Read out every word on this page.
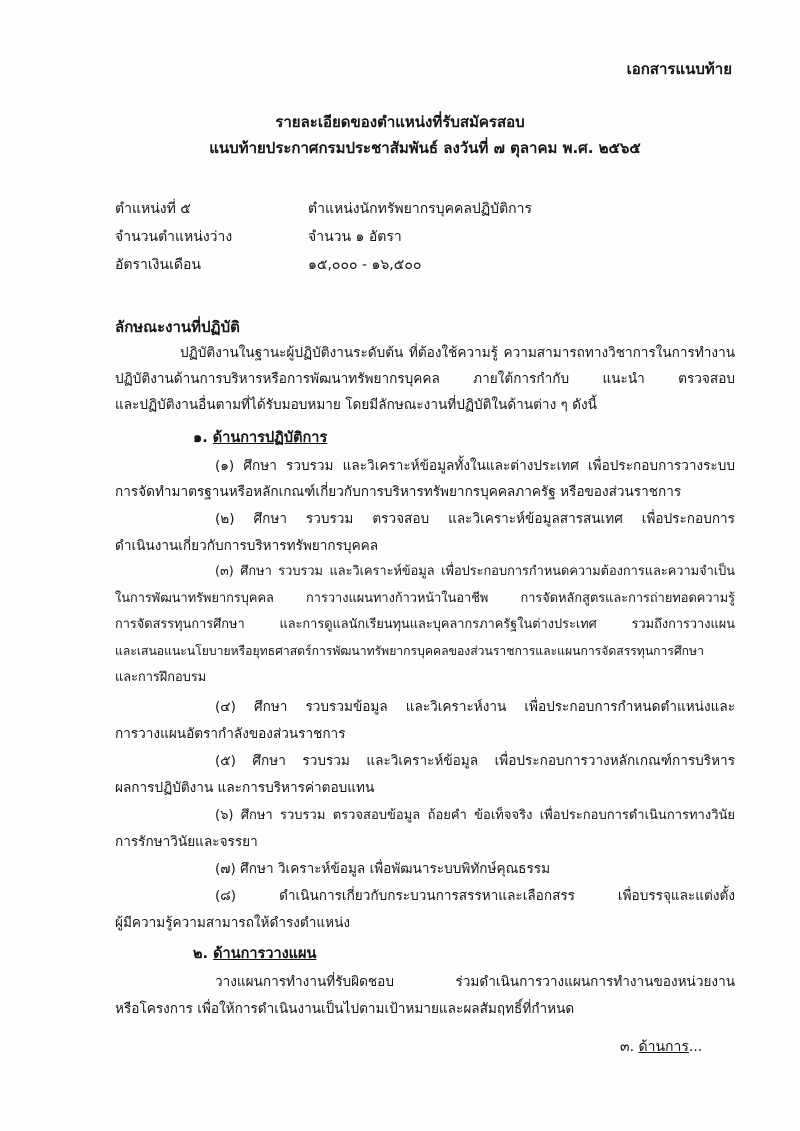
เอกสารแนบท้าย
รายละเอียดของตำแหน่งที่รับสมัครสอบ
แนบท้ายประกาศกรมประชาสัมพันธ์ ลงวันที่ ๗ ตุลาคม พ.ศ. ๒๕๖๕
ตำแหน่งที่ ๕	ตำแหน่งนักทรัพยากรบุคคลปฏิบัติการ
จำนวนตำแหน่งว่าง	จำนวน ๑ อัตรา
อัตราเงินเดือน	๑๕,๐๐๐ - ๑๖,๕๐๐
ลักษณะงานที่ปฏิบัติ
ปฏิบัติงานในฐานะผู้ปฏิบัติงานระดับต้น ที่ต้องใช้ความรู้ ความสามารถทางวิชาการในการทำงาน
ปฏิบัติงานด้านการบริหารหรือการพัฒนาทรัพยากรบุคคล ภายใต้การกำกับ แนะนำ ตรวจสอบ
และปฏิบัติงานอื่นตามที่ได้รับมอบหมาย โดยมีลักษณะงานที่ปฏิบัติในด้านต่าง ๆ ดังนี้
๑. ด้านการปฏิบัติการ
(๑) ศึกษา รวบรวม และวิเคราะห์ข้อมูลทั้งในและต่างประเทศ เพื่อประกอบการวางระบบ
การจัดทำมาตรฐานหรือหลักเกณฑ์เกี่ยวกับการบริหารทรัพยากรบุคคลภาครัฐ หรือของส่วนราชการ
(๒) ศึกษา รวบรวม ตรวจสอบ และวิเคราะห์ข้อมูลสารสนเทศ เพื่อประกอบการ
ดำเนินงานเกี่ยวกับการบริหารทรัพยากรบุคคล
(๓) ศึกษา รวบรวม และวิเคราะห์ข้อมูล เพื่อประกอบการกำหนดความต้องการและความจำเป็น
ในการพัฒนาทรัพยากรบุคคล การวางแผนทางก้าวหน้าในอาชีพ การจัดหลักสูตรและการถ่ายทอดความรู้
การจัดสรรทุนการศึกษา และการดูแลนักเรียนทุนและบุคลากรภาครัฐในต่างประเทศ รวมถึงการวางแผน
และเสนอแนะนโยบายหรือยุทธศาสตร์การพัฒนาทรัพยากรบุคคลของส่วนราชการและแผนการจัดสรรทุนการศึกษา
และการฝึกอบรม
(๔) ศึกษา รวบรวมข้อมูล และวิเคราะห์งาน เพื่อประกอบการกำหนดตำแหน่งและ
การวางแผนอัตรากำลังของส่วนราชการ
(๕) ศึกษา รวบรวม และวิเคราะห์ข้อมูล เพื่อประกอบการวางหลักเกณฑ์การบริหาร
ผลการปฏิบัติงาน และการบริหารค่าตอบแทน
(๖) ศึกษา รวบรวม ตรวจสอบข้อมูล ถ้อยคำ ข้อเท็จจริง เพื่อประกอบการดำเนินการทางวินัย
การรักษาวินัยและจรรยา
(๗) ศึกษา วิเคราะห์ข้อมูล เพื่อพัฒนาระบบพิทักษ์คุณธรรม
(๘) ดำเนินการเกี่ยวกับกระบวนการสรรหาและเลือกสรร เพื่อบรรจุและแต่งตั้ง
ผู้มีความรู้ความสามารถให้ดำรงตำแหน่ง
๒. ด้านการวางแผน
วางแผนการทำงานที่รับผิดชอบ ร่วมดำเนินการวางแผนการทำงานของหน่วยงาน
หรือโครงการ เพื่อให้การดำเนินงานเป็นไปตามเป้าหมายและผลสัมฤทธิ์ที่กำหนด
๓. ด้านการ...
